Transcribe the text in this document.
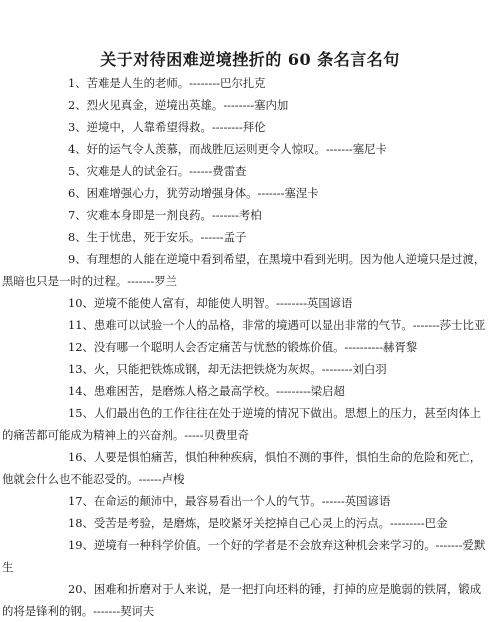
关于对待困难逆境挫折的 60 条名言名句

1、苦难是人生的老师。--------巴尔扎克

2、烈火见真金，逆境出英雄。--------塞内加

3、逆境中，人靠希望得救。--------拜伦

4、好的运气令人羡慕，而战胜厄运则更令人惊叹。-------塞尼卡

5、灾难是人的试金石。------费雷查

6、困难增强心力，犹劳动增强身体。-------塞涅卡

7、灾难本身即是一剂良药。-------考柏

8、生于忧患，死于安乐。------孟子

9、有理想的人能在逆境中看到希望，在黑境中看到光明。因为他人逆境只是过渡，黑暗也只是一时的过程。-------罗兰

10、逆境不能使人富有，却能使人明智。--------英国谚语

11、患难可以试验一个人的品格，非常的境遇可以显出非常的气节。-------莎士比亚

12、没有哪一个聪明人会否定痛苦与忧愁的锻炼价值。----------赫胥黎

13、火，只能把铁炼成钢，却无法把铁烧为灰烬。--------刘白羽

14、患难困苦，是磨炼人格之最高学校。---------梁启超

15、人们最出色的工作往往在处于逆境的情况下做出。思想上的压力，甚至肉体上的痛苦都可能成为精神上的兴奋剂。-----贝费里奇

16、人要是惧怕痛苦，惧怕种种疾病，惧怕不测的事件，惧怕生命的危险和死亡，他就会什么也不能忍受的。------卢梭

17、在命运的颠沛中，最容易看出一个人的气节。------英国谚语

18、受苦是考验，是磨炼，是咬紧牙关挖掉自己心灵上的污点。---------巴金

19、逆境有一种科学价值。一个好的学者是不会放弃这种机会来学习的。-------爱默生

20、困难和折磨对于人来说，是一把打向坯料的锤，打掉的应是脆弱的铁屑，锻成的将是锋利的钢。-------契诃夫
